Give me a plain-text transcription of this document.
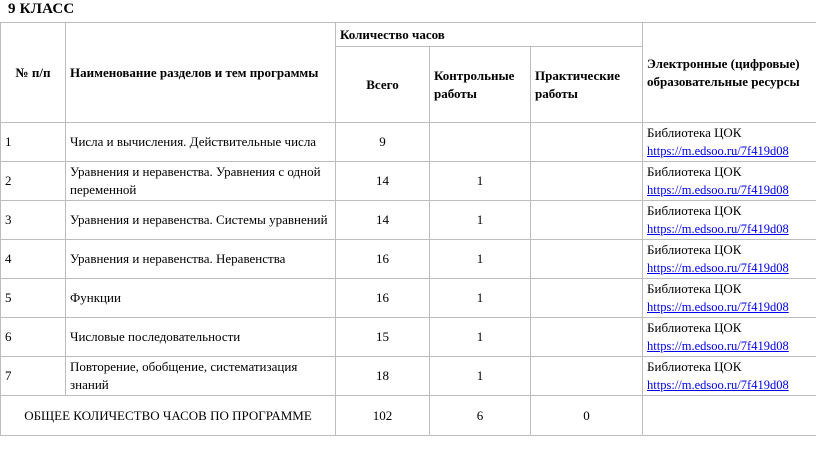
9 КЛАСС
№ п/п	Наименование разделов и тем программы	Количество часов			Электронные (цифровые) образовательные ресурсы
		Всего	Контрольные работы	Практические работы	
1	Числа и вычисления. Действительные числа	9			Библиотека ЦОК
https://m.edsoo.ru/7f419d08

2	Уравнения и неравенства. Уравнения с одной переменной	14	1		Библиотека ЦОК
https://m.edsoo.ru/7f419d08

3	Уравнения и неравенства. Системы уравнений	14	1		Библиотека ЦОК
https://m.edsoo.ru/7f419d08

4	Уравнения и неравенства. Неравенства	16	1		Библиотека ЦОК
https://m.edsoo.ru/7f419d08

5	Функции	16	1		Библиотека ЦОК
https://m.edsoo.ru/7f419d08

6	Числовые последовательности	15	1		Библиотека ЦОК
https://m.edsoo.ru/7f419d08

7	Повторение, обобщение, систематизация знаний	18	1		Библиотека ЦОК
https://m.edsoo.ru/7f419d08

ОБЩЕЕ КОЛИЧЕСТВО ЧАСОВ ПО ПРОГРАММЕ		102	6	0	
